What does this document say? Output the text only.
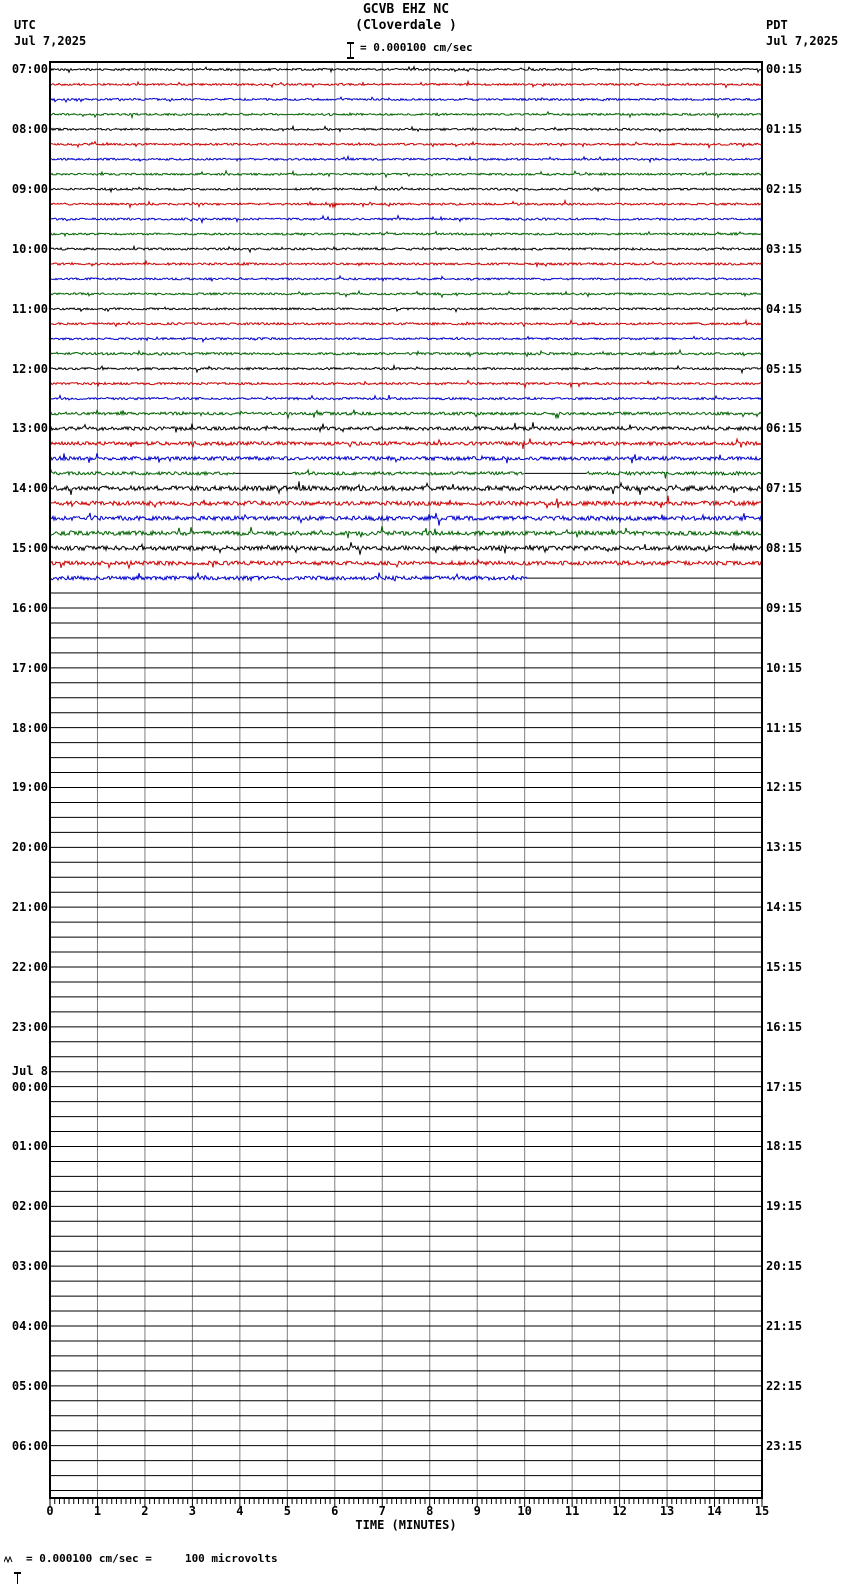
UTC
Jul 7,2025
GCVB EHZ NC
(Cloverdale )
= 0.000100 cm/sec
PDT
Jul 7,2025
07:00	00:15
08:00	01:15
09:00	02:15
10:00	03:15
11:00	04:15
12:00	05:15
13:00	06:15
14:00	07:15
15:00	08:15
16:00	09:15
17:00	10:15
18:00	11:15
19:00	12:15
20:00	13:15
21:00	14:15
22:00	15:15
23:00	16:15
00:00
Jul 8
17:15
01:00	18:15
02:00	19:15
03:00	20:15
04:00	21:15
05:00	22:15
06:00	23:15
0	1	2	3	4	5	6	7	8	9	10	11	12	13	14	15
TIME (MINUTES)
= 0.000100 cm/sec =     100 microvolts
